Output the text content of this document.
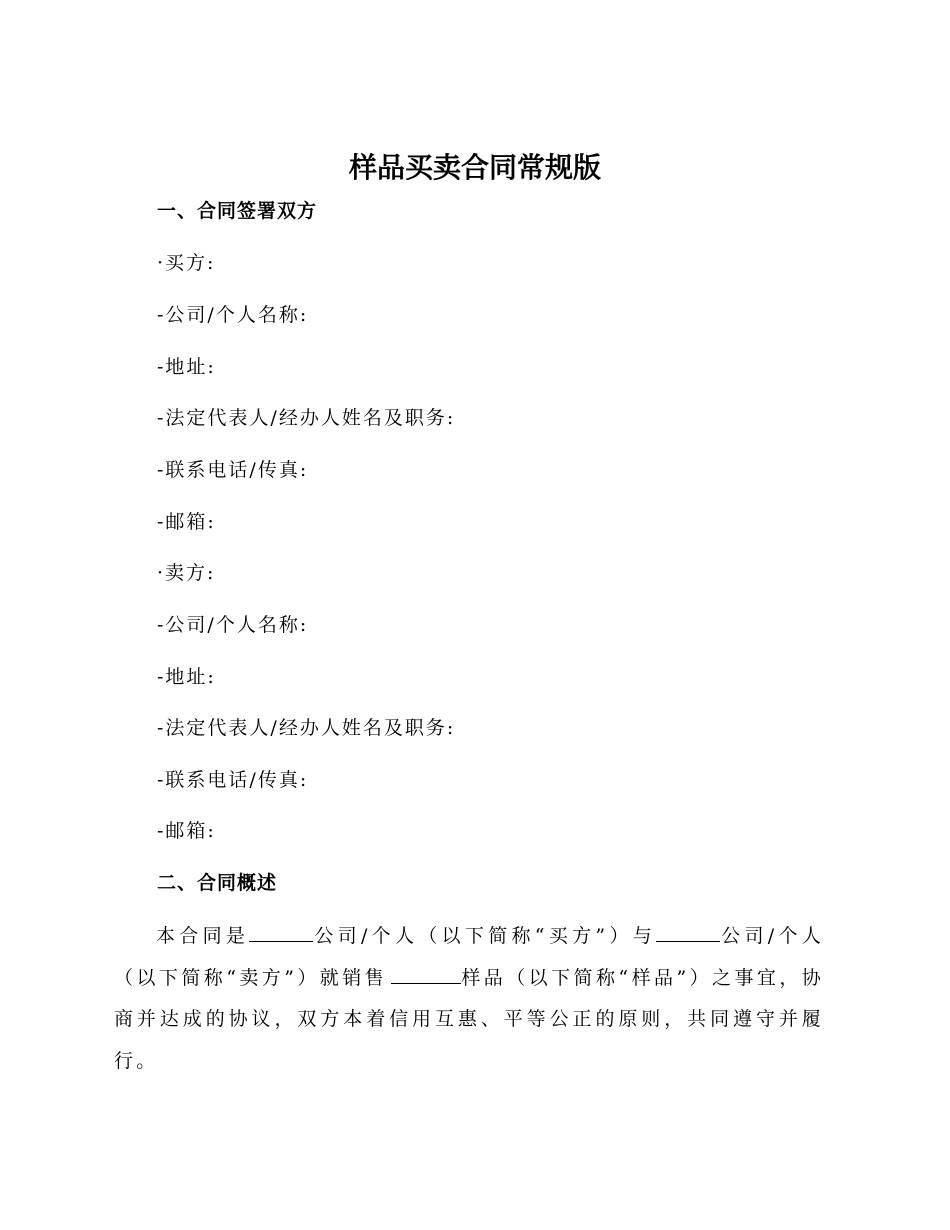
样品买卖合同常规版
一、合同签署双方
·买方:
-公司/个人名称:
-地址:
-法定代表人/经办人姓名及职务:
-联系电话/传真:
-邮箱:
·卖方:
-公司/个人名称:
-地址:
-法定代表人/经办人姓名及职务:
-联系电话/传真:
-邮箱:
二、合同概述
本合同是	公司/个人（以下简称“买方”）与	公司/个人（以下简称“卖方”）就销售	样品（以下简称“样品”）之事宜，协商并达成的协议，双方本着信用互惠、平等公正的原则，共同遵守并履行。
